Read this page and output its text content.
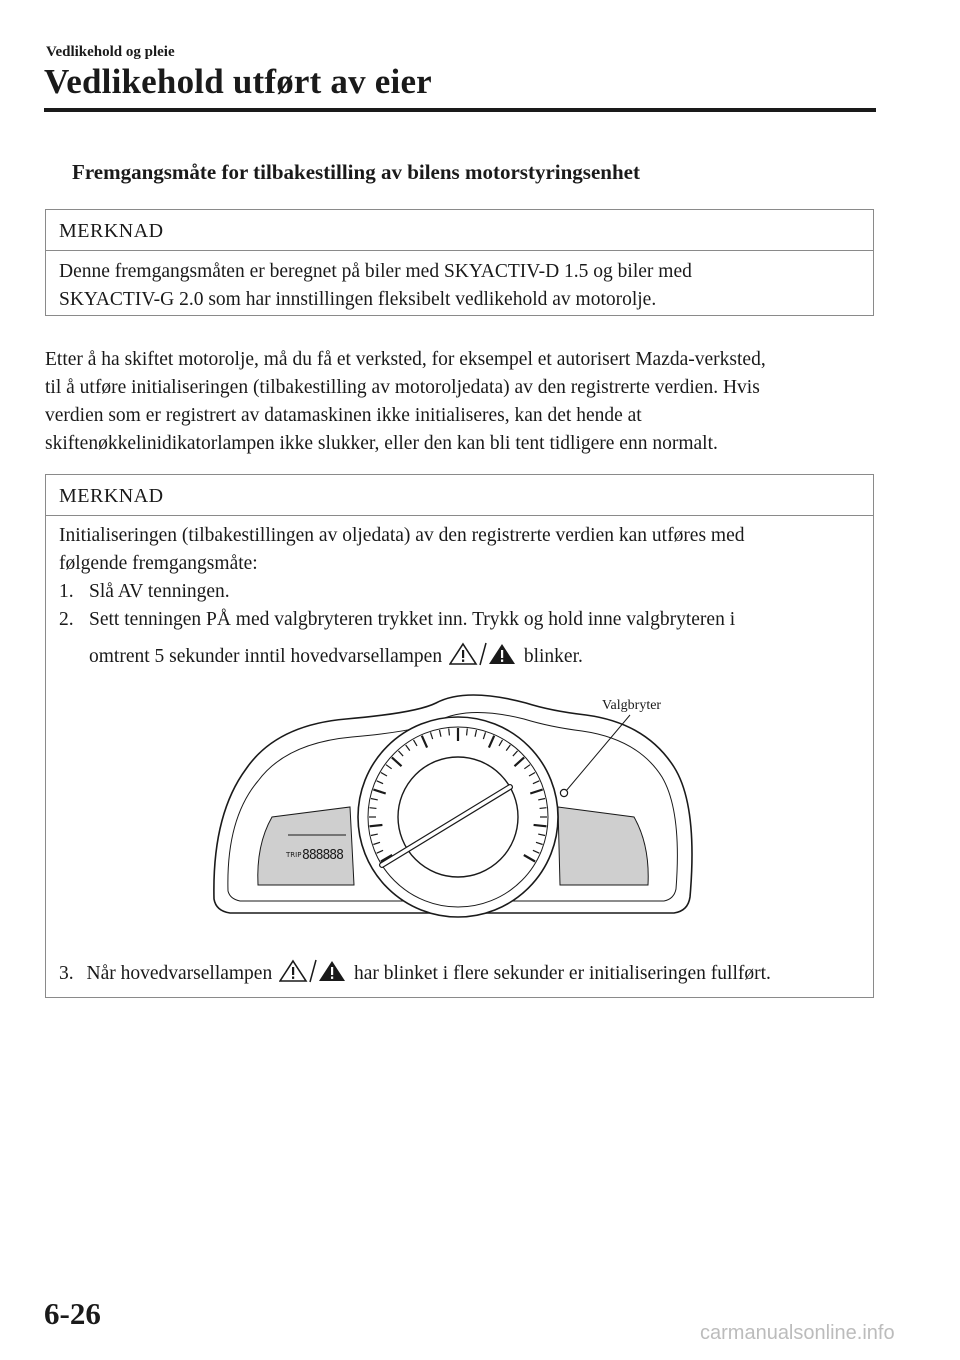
Vedlikehold og pleie
Vedlikehold utført av eier
Fremgangsmåte for tilbakestilling av bilens motorstyringsenhet
MERKNAD
Denne fremgangsmåten er beregnet på biler med SKYACTIV-D 1.5 og biler med
SKYACTIV-G 2.0 som har innstillingen fleksibelt vedlikehold av motorolje.
Etter å ha skiftet motorolje, må du få et verksted, for eksempel et autorisert Mazda-verksted,
til å utføre initialiseringen (tilbakestilling av motoroljedata) av den registrerte verdien. Hvis
verdien som er registrert av datamaskinen ikke initialiseres, kan det hende at
skiftenøkkelinidikatorlampen ikke slukker, eller den kan bli tent tidligere enn normalt.
MERKNAD
Initialiseringen (tilbakestillingen av oljedata) av den registrerte verdien kan utføres med
følgende fremgangsmåte:
1. Slå AV tenningen.
2. Sett tenningen PÅ med valgbryteren trykket inn. Trykk og hold inne valgbryteren i
omtrent 5 sekunder inntil hovedvarsellampen	blinker.
Valgbryter
TRIP 888888
3. Når hovedvarsellampen	har blinket i flere sekunder er initialiseringen fullført.
6-26
carmanualsonline.info
